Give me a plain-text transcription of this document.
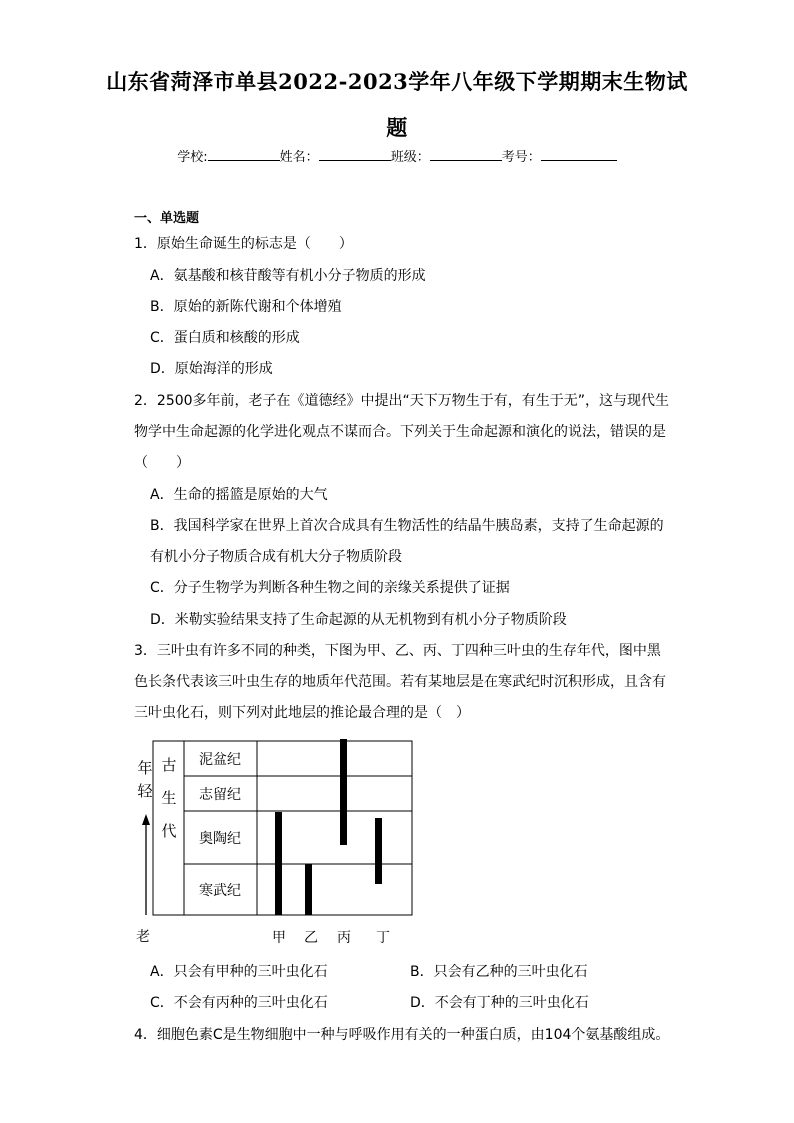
山东省菏泽市单县2022-2023学年八年级下学期期末生物试
题
学校:	姓名：	班级：	考号：
一、单选题
1．原始生命诞生的标志是（　　）
A．氨基酸和核苷酸等有机小分子物质的形成
B．原始的新陈代谢和个体增殖
C．蛋白质和核酸的形成
D．原始海洋的形成
2．2500多年前，老子在《道德经》中提出“天下万物生于有，有生于无”，这与现代生
物学中生命起源的化学进化观点不谋而合。下列关于生命起源和演化的说法，错误的是
（　　）
A．生命的摇篮是原始的大气
B．我国科学家在世界上首次合成具有生物活性的结晶牛胰岛素，支持了生命起源的
有机小分子物质合成有机大分子物质阶段
C．分子生物学为判断各种生物之间的亲缘关系提供了证据
D．米勒实验结果支持了生命起源的从无机物到有机小分子物质阶段
3．三叶虫有许多不同的种类，下图为甲、乙、丙、丁四种三叶虫的生存年代，图中黑
色长条代表该三叶虫生存的地质年代范围。若有某地层是在寒武纪时沉积形成，且含有
三叶虫化石，则下列对此地层的推论最合理的是（　）
年
轻
老
古
生
代
泥盆纪
志留纪
奥陶纪
寒武纪
甲 乙 丙 丁
A．只会有甲种的三叶虫化石	B．只会有乙种的三叶虫化石
C．不会有丙种的三叶虫化石	D．不会有丁种的三叶虫化石
4．细胞色素C是生物细胞中一种与呼吸作用有关的一种蛋白质，由104个氨基酸组成。
